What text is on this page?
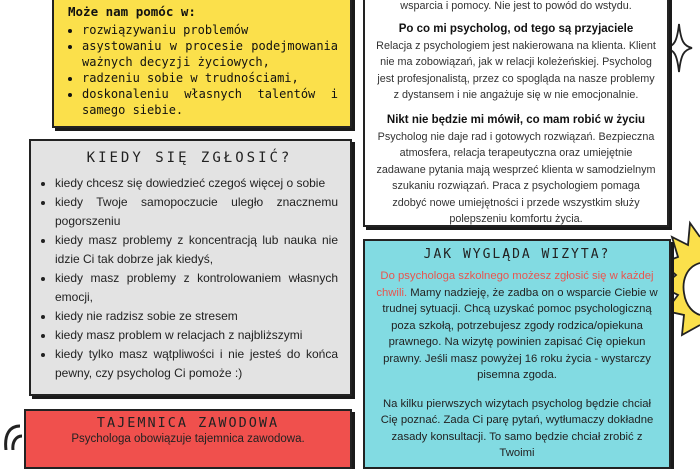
Może nam pomóc w:
• rozwiązywaniu problemów
• asystowaniu w procesie podejmowania ważnych decyzji życiowych,
• radzeniu sobie w trudnościami,
• doskonaleniu własnych talentów i samego siebie.
KIEDY SIĘ ZGŁOSIĆ?
• kiedy chcesz się dowiedzieć czegoś więcej o sobie
• kiedy Twoje samopoczucie uległo znacznemu pogorszeniu
• kiedy masz problemy z koncentracją lub nauka nie idzie Ci tak dobrze jak kiedyś,
• kiedy masz problemy z kontrolowaniem własnych emocji,
• kiedy nie radzisz sobie ze stresem
• kiedy masz problem w relacjach z najbliższymi
• kiedy tylko masz wątpliwości i nie jesteś do końca pewny, czy psycholog Ci pomoże :)
TAJEMNICA ZAWODOWA

Psychologa obowiązuje tajemnica zawodowa.

wsparcia i pomocy. Nie jest to powód do wstydu.

Po co mi psycholog, od tego są przyjaciele

Relacja z psychologiem jest nakierowana na klienta. Klient nie ma zobowiązań, jak w relacji koleżeńskiej. Psycholog jest profesjonalistą, przez co spogląda na nasze problemy z dystansem i nie angażuje się w nie emocjonalnie.

Nikt nie będzie mi mówił, co mam robić w życiu

Psycholog nie daje rad i gotowych rozwiązań. Bezpieczna atmosfera, relacja terapeutyczna oraz umiejętnie zadawane pytania mają wesprzeć klienta w samodzielnym szukaniu rozwiązań. Praca z psychologiem pomaga zdobyć nowe umiejętności i przede wszystkim służy polepszeniu komfortu życia.

JAK WYGLĄDA WIZYTA?

Do psychologa szkolnego możesz zgłosić się w każdej chwili. Mamy nadzieję, że zadba on o wsparcie Ciebie w trudnej sytuacji. Chcą uzyskać pomoc psychologiczną poza szkołą, potrzebujesz zgody rodzica/opiekuna prawnego. Na wizytę powinien zapisać Cię opiekun prawny. Jeśli masz powyżej 16 roku życia - wystarczy pisemna zgoda.

Na kilku pierwszych wizytach psycholog będzie chciał Cię poznać. Zada Ci parę pytań, wytłumaczy dokładne zasady konsultacji. To samo będzie chciał zrobić z Twoimi
